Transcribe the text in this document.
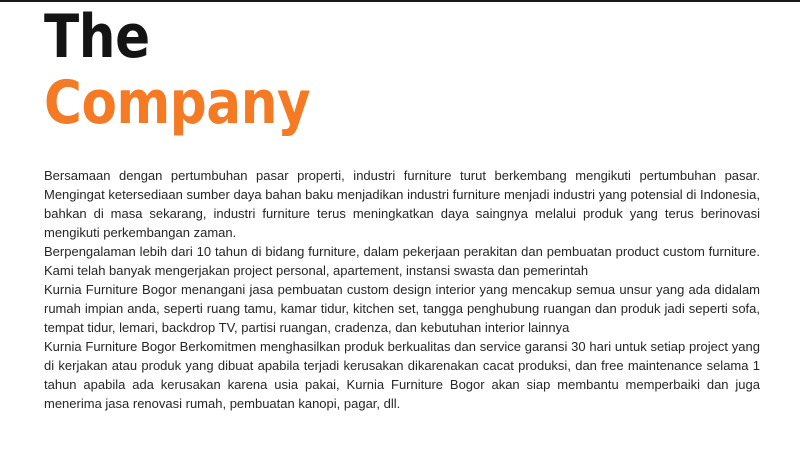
The
Company

Bersamaan dengan pertumbuhan pasar properti, industri furniture turut berkembang mengikuti pertumbuhan pasar. Mengingat ketersediaan sumber daya bahan baku menjadikan industri furniture menjadi industri yang potensial di Indonesia, bahkan di masa sekarang, industri furniture terus meningkatkan daya saingnya melalui produk yang terus berinovasi mengikuti perkembangan zaman.

Berpengalaman lebih dari 10 tahun di bidang furniture, dalam pekerjaan perakitan dan pembuatan product custom furniture. Kami telah banyak mengerjakan project personal, apartement, instansi swasta dan pemerintah

Kurnia Furniture Bogor menangani jasa pembuatan custom design interior yang mencakup semua unsur yang ada didalam rumah impian anda, seperti ruang tamu, kamar tidur, kitchen set, tangga penghubung ruangan dan produk jadi seperti sofa, tempat tidur, lemari, backdrop TV, partisi ruangan, cradenza, dan kebutuhan interior lainnya

Kurnia Furniture Bogor Berkomitmen menghasilkan produk berkualitas dan service garansi 30 hari untuk setiap project yang di kerjakan atau produk yang dibuat apabila terjadi kerusakan dikarenakan cacat produksi, dan free maintenance selama 1 tahun apabila ada kerusakan karena usia pakai, Kurnia Furniture Bogor akan siap membantu memperbaiki dan juga menerima jasa renovasi rumah, pembuatan kanopi, pagar, dll.
